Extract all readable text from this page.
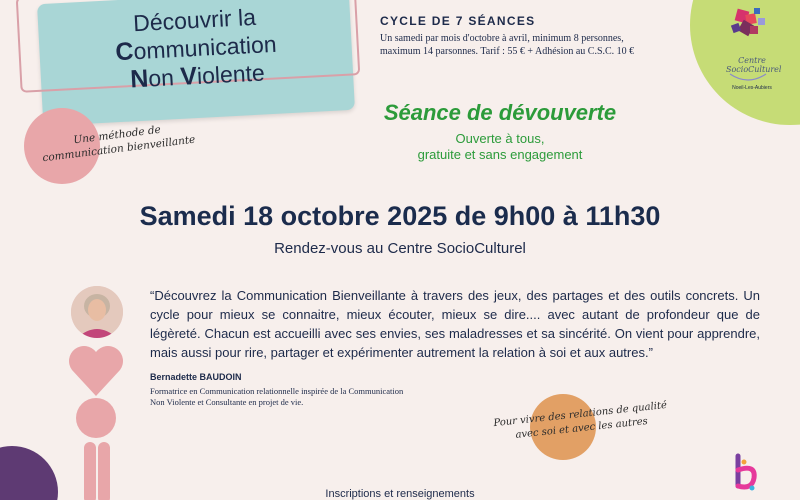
Découvrir la
Communication
Non Violente
Une méthode de communication bienveillante
CYCLE DE 7 SÉANCES
Un samedi par mois d'octobre à avril, minimum 8 personnes, maximum 14 parsonnes. Tarif : 55 € + Adhésion au C.S.C. 10 €
Centre SocioCulturel
Noeil-Les-Aubiers
Séance de dévouverte
Ouverte à tous,
gratuite et sans engagement
Samedi 18 octobre 2025 de 9h00 à 11h30
Rendez-vous au Centre SocioCulturel
“Découvrez la Communication Bienveillante à travers des jeux, des partages et des outils concrets. Un cycle pour mieux se connaitre, mieux écouter, mieux se dire.... avec autant de profondeur que de légèreté. Chacun est accueilli avec ses envies, ses maladresses et sa sincérité. On vient pour apprendre, mais aussi pour rire, partager et expérimenter autrement la relation à soi et aux autres.”
Bernadette BAUDOIN
Formatrice en Communication relationnelle inspirée de la Communication Non Violente et Consultante en projet de vie.	Pour vivre des relations de qualité avec soi et avec les autres
Inscriptions et renseignements
